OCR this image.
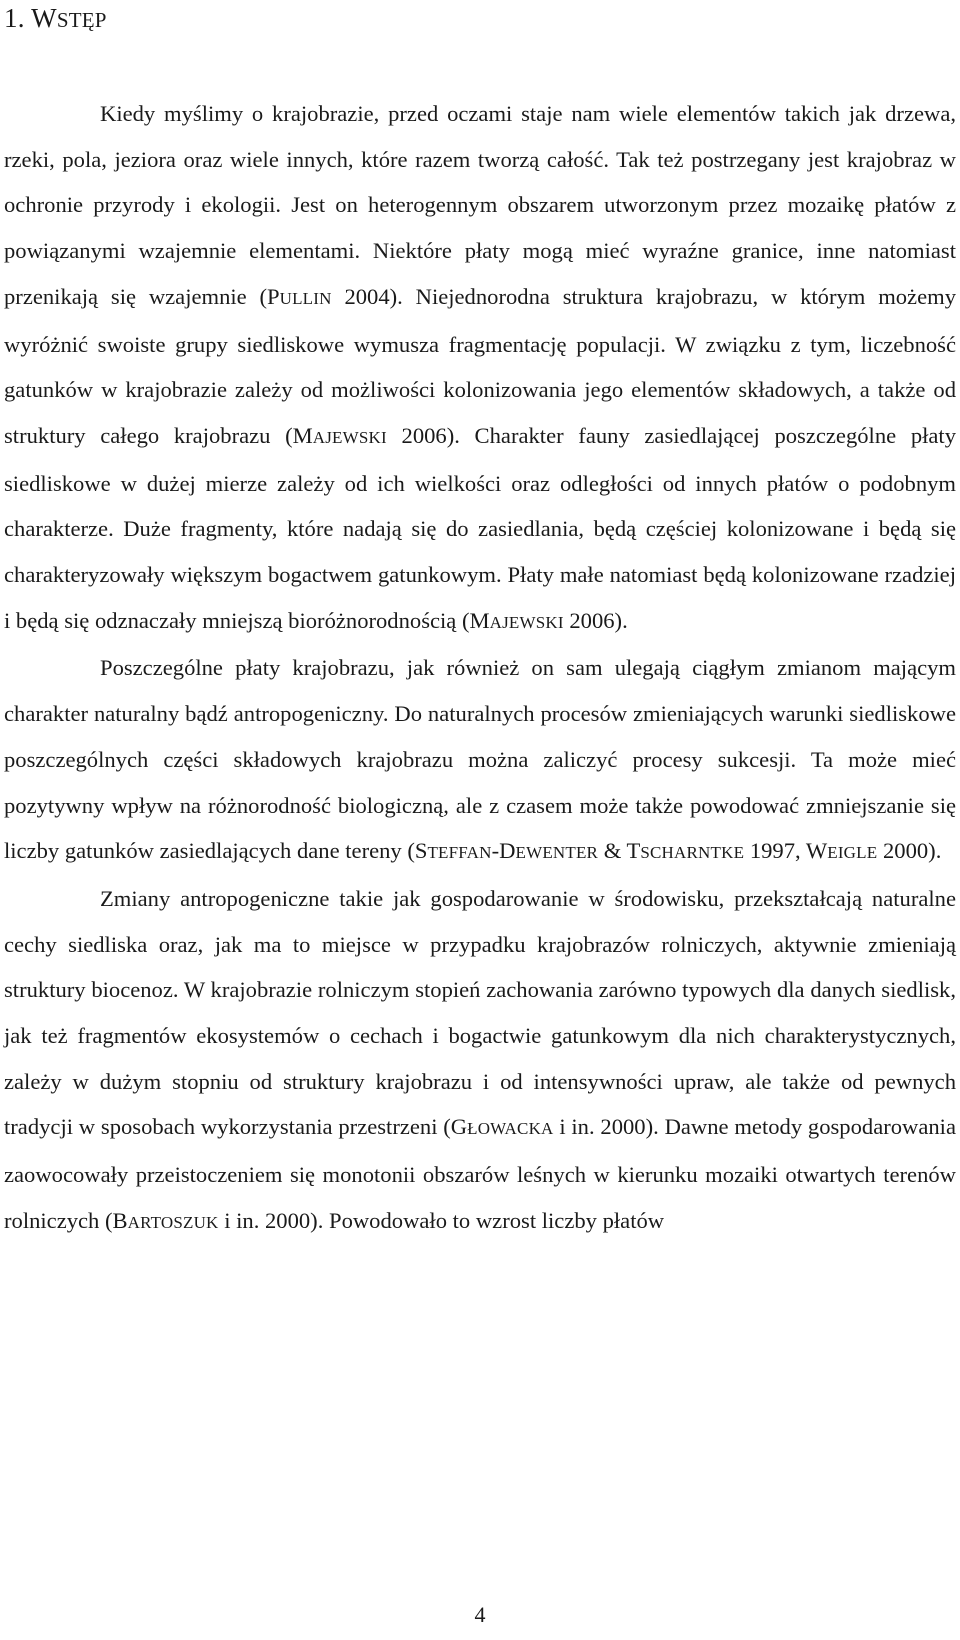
1. WSTĘP

Kiedy myślimy o krajobrazie, przed oczami staje nam wiele elementów takich jak drzewa, rzeki, pola, jeziora oraz wiele innych, które razem tworzą całość. Tak też postrzegany jest krajobraz w ochronie przyrody i ekologii. Jest on heterogennym obszarem utworzonym przez mozaikę płatów z powiązanymi wzajemnie elementami. Niektóre płaty mogą mieć wyraźne granice, inne natomiast przenikają się wzajemnie (PULLIN 2004). Niejednorodna struktura krajobrazu, w którym możemy wyróżnić swoiste grupy siedliskowe wymusza fragmentację populacji. W związku z tym, liczebność gatunków w krajobrazie zależy od możliwości kolonizowania jego elementów składowych, a także od struktury całego krajobrazu (MAJEWSKI 2006). Charakter fauny zasiedlającej poszczególne płaty siedliskowe w dużej mierze zależy od ich wielkości oraz odległości od innych płatów o podobnym charakterze. Duże fragmenty, które nadają się do zasiedlania, będą częściej kolonizowane i będą się charakteryzowały większym bogactwem gatunkowym. Płaty małe natomiast będą kolonizowane rzadziej i będą się odznaczały mniejszą bioróżnorodnością (MAJEWSKI 2006).

Poszczególne płaty krajobrazu, jak również on sam ulegają ciągłym zmianom mającym charakter naturalny bądź antropogeniczny. Do naturalnych procesów zmieniających warunki siedliskowe poszczególnych części składowych krajobrazu można zaliczyć procesy sukcesji. Ta może mieć pozytywny wpływ na różnorodność biologiczną, ale z czasem może także powodować zmniejszanie się liczby gatunków zasiedlających dane tereny (STEFFAN-DEWENTER & TSCHARNTKE 1997, WEIGLE 2000).

Zmiany antropogeniczne takie jak gospodarowanie w środowisku, przekształcają naturalne cechy siedliska oraz, jak ma to miejsce w przypadku krajobrazów rolniczych, aktywnie zmieniają struktury biocenoz. W krajobrazie rolniczym stopień zachowania zarówno typowych dla danych siedlisk, jak też fragmentów ekosystemów o cechach i bogactwie gatunkowym dla nich charakterystycznych, zależy w dużym stopniu od struktury krajobrazu i od intensywności upraw, ale także od pewnych tradycji w sposobach wykorzystania przestrzeni (GŁOWACKA i in. 2000). Dawne metody gospodarowania zaowocowały przeistoczeniem się monotonii obszarów leśnych w kierunku mozaiki otwartych terenów rolniczych (BARTOSZUK i in. 2000). Powodowało to wzrost liczby płatów

4
